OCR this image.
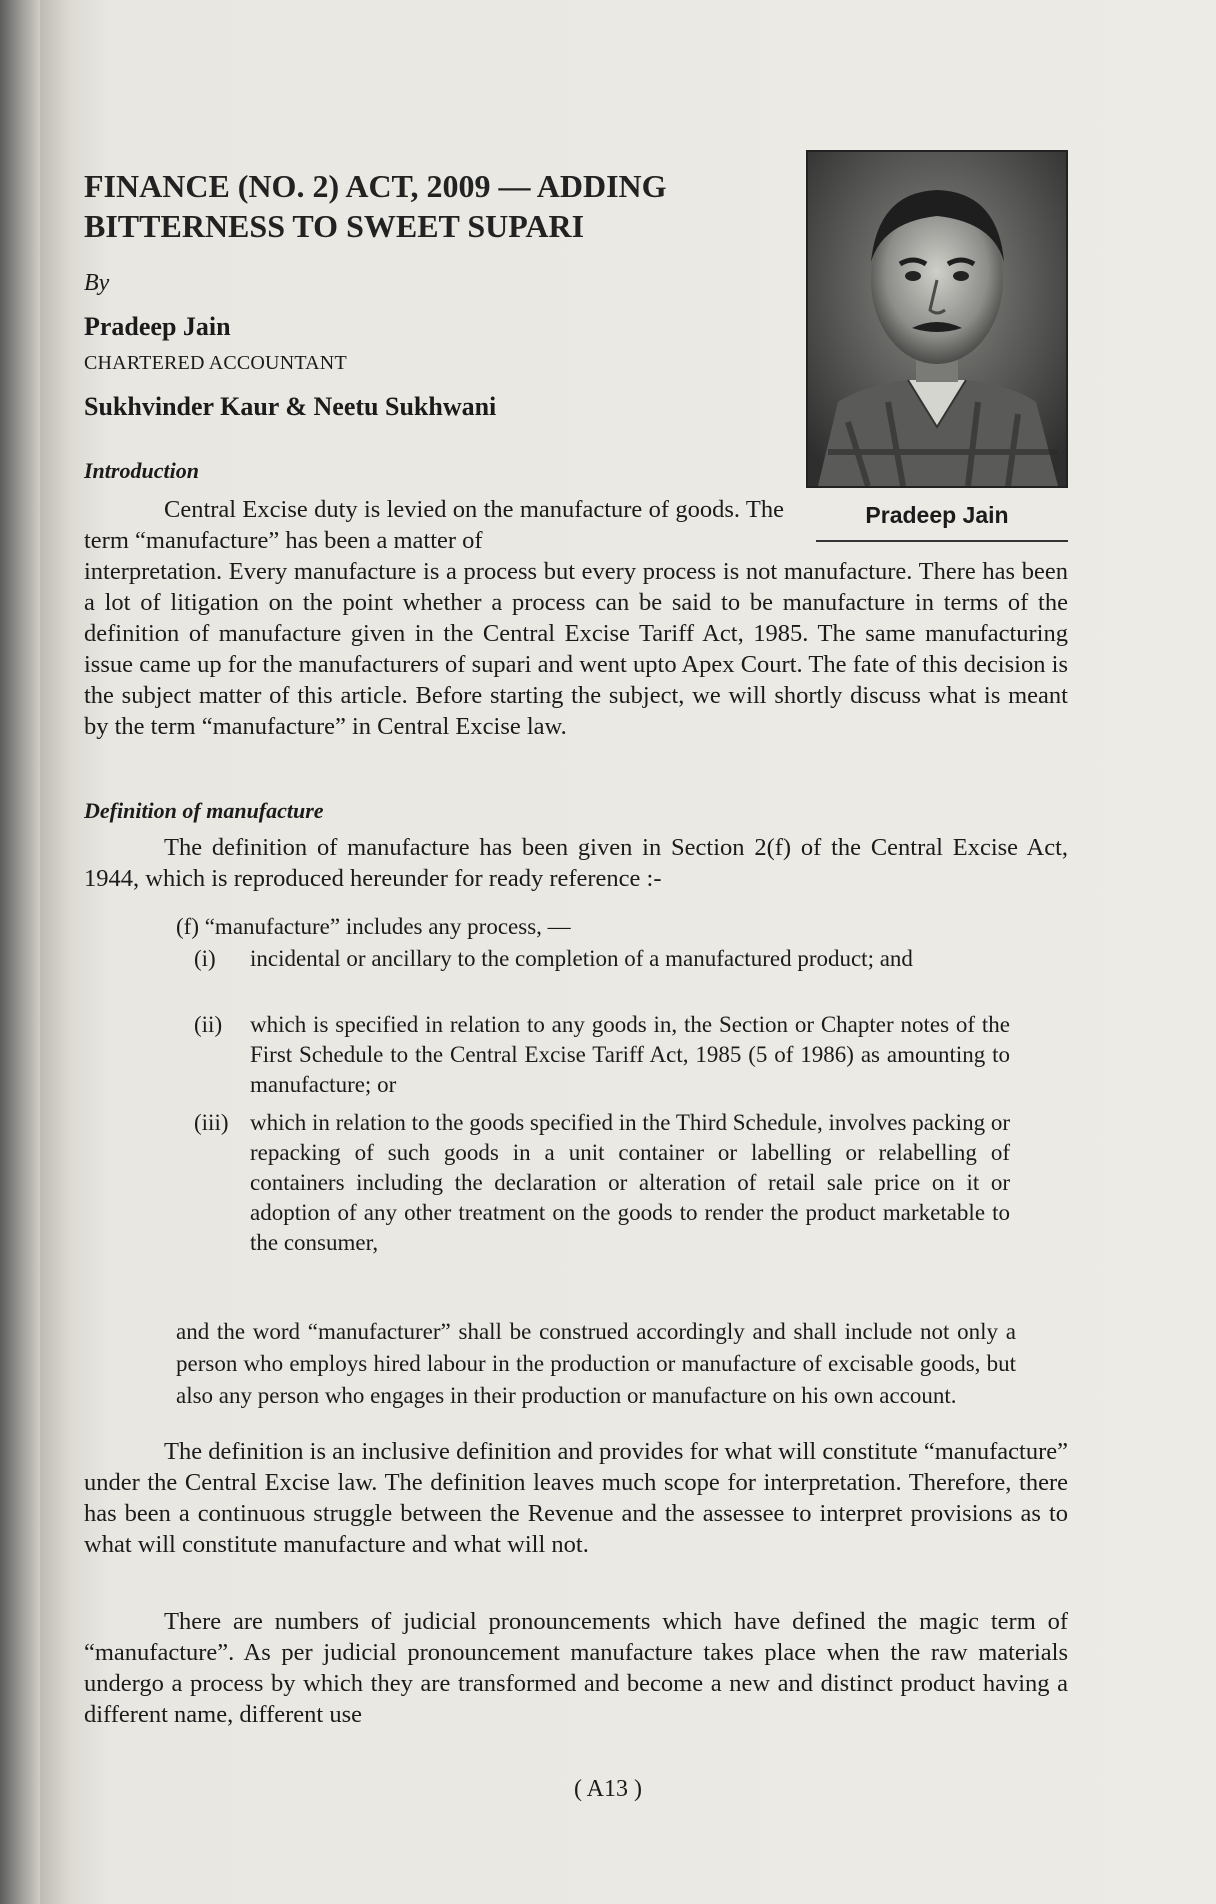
FINANCE (NO. 2) ACT, 2009 — ADDING BITTERNESS TO SWEET SUPARI
By
Pradeep Jain
CHARTERED ACCOUNTANT
Sukhvinder Kaur & Neetu Sukhwani
Pradeep Jain
Introduction

Central Excise duty is levied on the manufacture of goods. The term “manufacture” has been a matter of

interpretation. Every manufacture is a process but every process is not manufacture. There has been a lot of litigation on the point whether a process can be said to be manufacture in terms of the definition of manufacture given in the Central Excise Tariff Act, 1985. The same manufacturing issue came up for the manufacturers of supari and went upto Apex Court. The fate of this decision is the subject matter of this article. Before starting the subject, we will shortly discuss what is meant by the term “manufacture” in Central Excise law.

Definition of manufacture

The definition of manufacture has been given in Section 2(f) of the Central Excise Act, 1944, which is reproduced hereunder for ready reference :-

(f) “manufacture” includes any process, —
(i) incidental or ancillary to the completion of a manufactured product; and
(ii) which is specified in relation to any goods in, the Section or Chapter notes of the First Schedule to the Central Excise Tariff Act, 1985 (5 of 1986) as amounting to manufacture; or
(iii) which in relation to the goods specified in the Third Schedule, involves packing or repacking of such goods in a unit container or labelling or relabelling of containers including the declaration or alteration of retail sale price on it or adoption of any other treatment on the goods to render the product marketable to the consumer,

and the word “manufacturer” shall be construed accordingly and shall include not only a person who employs hired labour in the production or manufacture of excisable goods, but also any person who engages in their production or manufacture on his own account.

The definition is an inclusive definition and provides for what will constitute “manufacture” under the Central Excise law. The definition leaves much scope for interpretation. Therefore, there has been a continuous struggle between the Revenue and the assessee to interpret provisions as to what will constitute manufacture and what will not.

There are numbers of judicial pronouncements which have defined the magic term of “manufacture”. As per judicial pronouncement manufacture takes place when the raw materials undergo a process by which they are transformed and become a new and distinct product having a different name, different use

( A13 )
